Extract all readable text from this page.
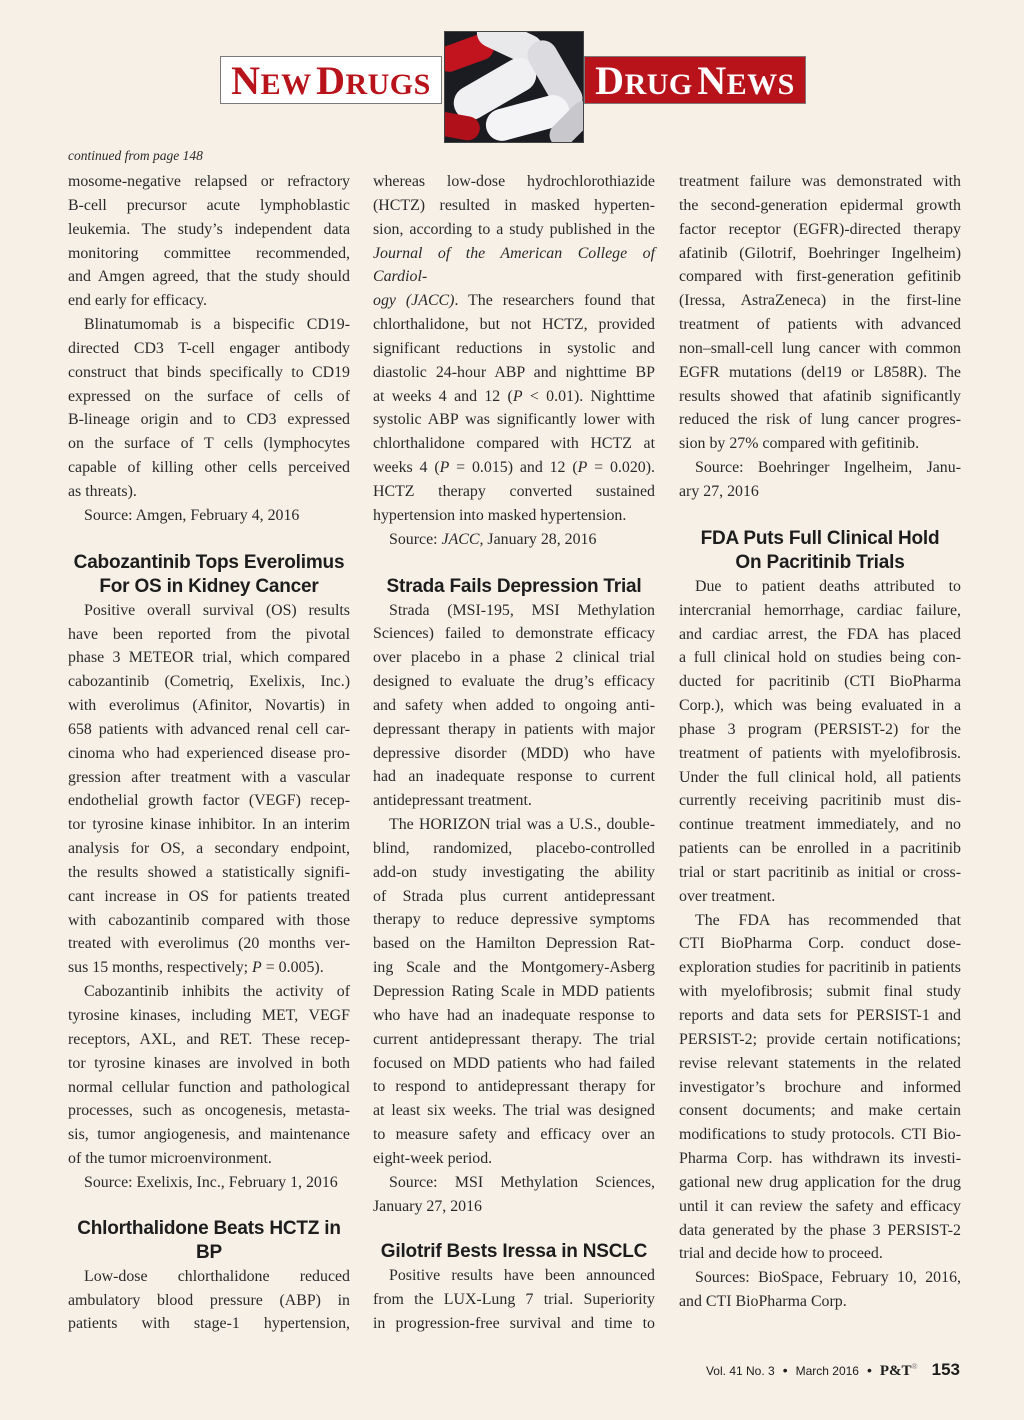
NEW DRUGS	DRUG NEWS
continued from page 148

mosome-negative relapsed or refractory
B-cell precursor acute lymphoblastic
leukemia. The study’s independent data
monitoring committee recommended,
and Amgen agreed, that the study should
end early for efficacy.

Blinatumomab is a bispecific CD19-
directed CD3 T-cell engager antibody
construct that binds specifically to CD19
expressed on the surface of cells of
B-lineage origin and to CD3 expressed
on the surface of T cells (lymphocytes
capable of killing other cells perceived
as threats).

Source: Amgen, February 4, 2016

Cabozantinib Tops Everolimus
For OS in Kidney Cancer

Positive overall survival (OS) results
have been reported from the pivotal
phase 3 METEOR trial, which compared
cabozantinib (Cometriq, Exelixis, Inc.)
with everolimus (Afinitor, Novartis) in
658 patients with advanced renal cell car-
cinoma who had experienced disease pro-
gression after treatment with a vascular
endothelial growth factor (VEGF) recep-
tor tyrosine kinase inhibitor. In an interim
analysis for OS, a secondary endpoint,
the results showed a statistically signifi-
cant increase in OS for patients treated
with cabozantinib compared with those
treated with everolimus (20 months ver-

sus 15 months, respectively; P = 0.005).

Cabozantinib inhibits the activity of
tyrosine kinases, including MET, VEGF
receptors, AXL, and RET. These recep-
tor tyrosine kinases are involved in both
normal cellular function and pathological
processes, such as oncogenesis, metasta-
sis, tumor angiogenesis, and maintenance
of the tumor microenvironment.

Source: Exelixis, Inc., February 1, 2016

Chlorthalidone Beats HCTZ in BP

Low-dose chlorthalidone reduced
ambulatory blood pressure (ABP) in
patients with stage-1 hypertension,

whereas low-dose hydrochlorothiazide
(HCTZ) resulted in masked hyperten-
sion, according to a study published in the

Journal of the American College of Cardiol-

ogy (JACC). The researchers found that

chlorthalidone, but not HCTZ, provided
significant reductions in systolic and
diastolic 24-hour ABP and nighttime BP

at weeks 4 and 12 (P < 0.01). Nighttime

systolic ABP was significantly lower with
chlorthalidone compared with HCTZ at

weeks 4 (P = 0.015) and 12 (P = 0.020).

HCTZ therapy converted sustained
hypertension into masked hypertension.

Source: JACC, January 28, 2016

Strada Fails Depression Trial

Strada (MSI-195, MSI Methylation
Sciences) failed to demonstrate efficacy
over placebo in a phase 2 clinical trial
designed to evaluate the drug’s efficacy
and safety when added to ongoing anti-
depressant therapy in patients with major
depressive disorder (MDD) who have
had an inadequate response to current
antidepressant treatment.

The HORIZON trial was a U.S., double-
blind, randomized, placebo-controlled
add-on study investigating the ability
of Strada plus current antidepressant
therapy to reduce depressive symptoms
based on the Hamilton Depression Rat-
ing Scale and the Montgomery-Asberg
Depression Rating Scale in MDD patients
who have had an inadequate response to
current antidepressant therapy. The trial
focused on MDD patients who had failed
to respond to antidepressant therapy for
at least six weeks. The trial was designed
to measure safety and efficacy over an
eight-week period.

Source: MSI Methylation Sciences,
January 27, 2016

Gilotrif Bests Iressa in NSCLC

Positive results have been announced
from the LUX-Lung 7 trial. Superiority
in progression-free survival and time to

treatment failure was demonstrated with
the second-generation epidermal growth
factor receptor (EGFR)-directed therapy
afatinib (Gilotrif, Boehringer Ingelheim)
compared with first-generation gefitinib
(Iressa, AstraZeneca) in the first-line
treatment of patients with advanced
non–small-cell lung cancer with common
EGFR mutations (del19 or L858R). The
results showed that afatinib significantly
reduced the risk of lung cancer progres-
sion by 27% compared with gefitinib.

Source: Boehringer Ingelheim, Janu-
ary 27, 2016

FDA Puts Full Clinical Hold
On Pacritinib Trials

Due to patient deaths attributed to
intercranial hemorrhage, cardiac failure,
and cardiac arrest, the FDA has placed
a full clinical hold on studies being con-
ducted for pacritinib (CTI BioPharma
Corp.), which was being evaluated in a
phase 3 program (PERSIST-2) for the
treatment of patients with myelofibrosis.
Under the full clinical hold, all patients
currently receiving pacritinib must dis-
continue treatment immediately, and no
patients can be enrolled in a pacritinib
trial or start pacritinib as initial or cross-
over treatment.

The FDA has recommended that
CTI BioPharma Corp. conduct dose-
exploration studies for pacritinib in patients
with myelofibrosis; submit final study
reports and data sets for PERSIST-1 and
PERSIST-2; provide certain notifications;
revise relevant statements in the related
investigator’s brochure and informed
consent documents; and make certain
modifications to study protocols. CTI Bio-
Pharma Corp. has withdrawn its investi-
gational new drug application for the drug
until it can review the safety and efficacy
data generated by the phase 3 PERSIST-2
trial and decide how to proceed.

Sources: BioSpace, February 10, 2016,
and CTI BioPharma Corp.

Vol. 41 No. 3 • March 2016 • P&T® 153
